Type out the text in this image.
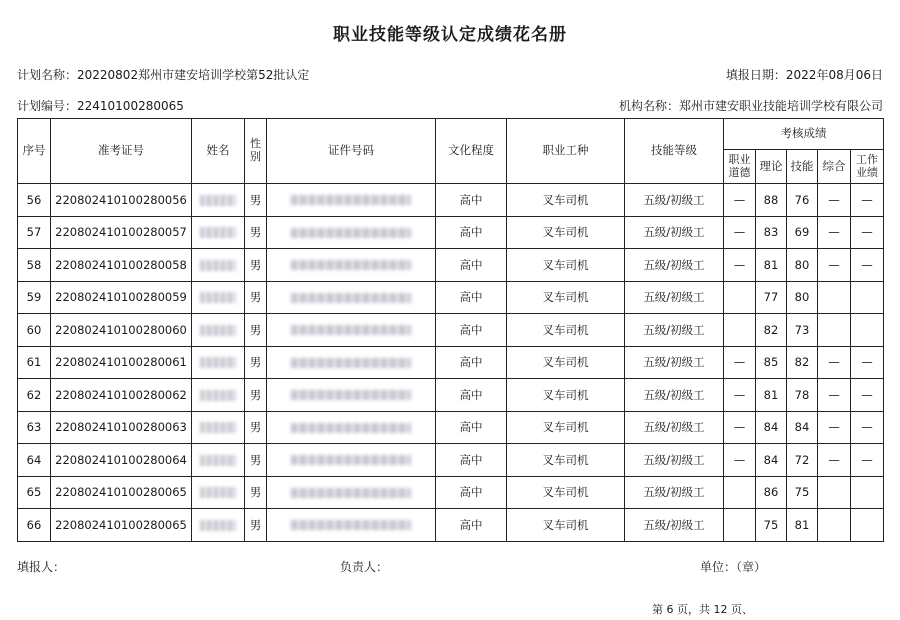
职业技能等级认定成绩花名册
计划名称：20220802郑州市建安培训学校第52批认定	填报日期：2022年08月06日
计划编号：22410100280065	机构名称：郑州市建安职业技能培训学校有限公司
序号	准考证号	姓名	性别	证件号码	文化程度	职业工种	技能等级	考核成绩				
								职业道德	理论	技能	综合	工作业绩
56	220802410100280056		男		高中	叉车司机	五级/初级工	—	88	76	—	—
57	220802410100280057		男		高中	叉车司机	五级/初级工	—	83	69	—	—
58	220802410100280058		男		高中	叉车司机	五级/初级工	—	81	80	—	—
59	220802410100280059		男		高中	叉车司机	五级/初级工		77	80		
60	220802410100280060		男		高中	叉车司机	五级/初级工		82	73		
61	220802410100280061		男		高中	叉车司机	五级/初级工	—	85	82	—	—
62	220802410100280062		男		高中	叉车司机	五级/初级工	—	81	78	—	—
63	220802410100280063		男		高中	叉车司机	五级/初级工	—	84	84	—	—
64	220802410100280064		男		高中	叉车司机	五级/初级工	—	84	72	—	—
65	220802410100280065		男		高中	叉车司机	五级/初级工		86	75		
66	220802410100280065		男		高中	叉车司机	五级/初级工		75	81		
填报人：	负责人：	单位：（章）
第 6 页，共 12 页、
